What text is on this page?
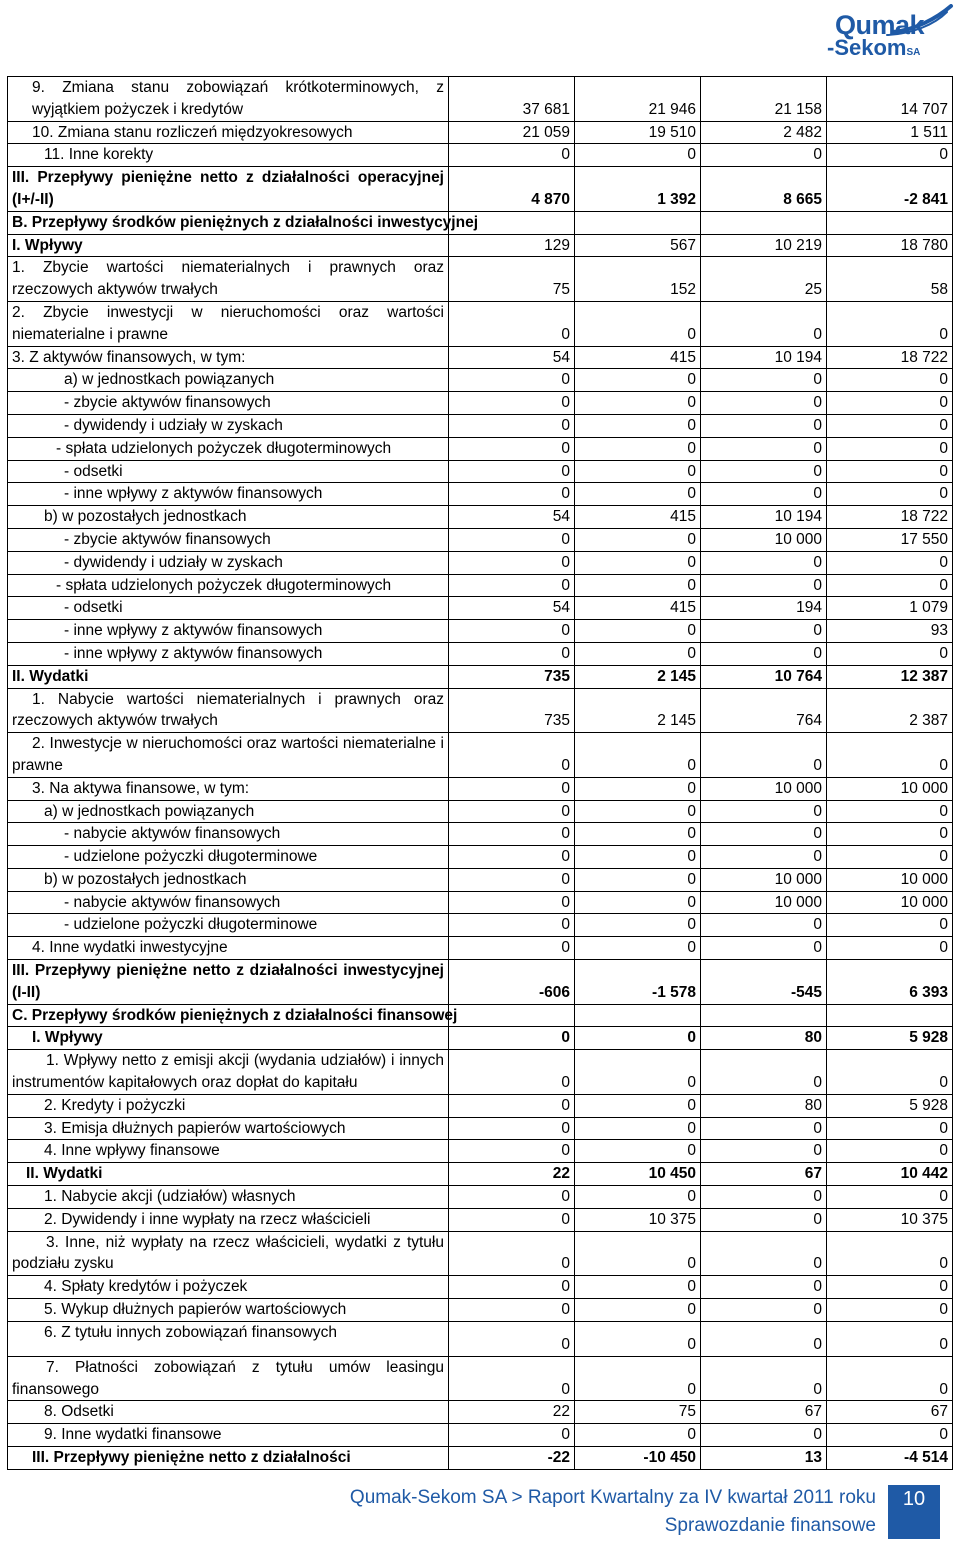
Qumak
-SekomSA
9. Zmiana stanu zobowiązań krótkoterminowych, z wyjątkiem pożyczek i kredytów	37 681	21 946	21 158	14 707
10. Zmiana stanu rozliczeń międzyokresowych	21 059	19 510	2 482	1 511
11. Inne korekty	0	0	0	0
III. Przepływy pieniężne netto z działalności operacyjnej (I+/-II)	4 870	1 392	8 665	-2 841
B. Przepływy środków pieniężnych z działalności inwestycyjnej				
I. Wpływy	129	567	10 219	18 780
1. Zbycie wartości niematerialnych i prawnych oraz rzeczowych aktywów trwałych	75	152	25	58
2. Zbycie inwestycji w nieruchomości oraz wartości niematerialne i prawne	0	0	0	0
3. Z aktywów finansowych, w tym:	54	415	10 194	18 722
a) w jednostkach powiązanych	0	0	0	0
- zbycie aktywów finansowych	0	0	0	0
- dywidendy i udziały w zyskach	0	0	0	0
- spłata udzielonych pożyczek długoterminowych	0	0	0	0
- odsetki	0	0	0	0
- inne wpływy z aktywów finansowych	0	0	0	0
b) w pozostałych jednostkach	54	415	10 194	18 722
- zbycie aktywów finansowych	0	0	10 000	17 550
- dywidendy i udziały w zyskach	0	0	0	0
- spłata udzielonych pożyczek długoterminowych	0	0	0	0
- odsetki	54	415	194	1 079
- inne wpływy z aktywów finansowych	0	0	0	93
- inne wpływy z aktywów finansowych	0	0	0	0
II. Wydatki	735	2 145	10 764	12 387
1. Nabycie wartości niematerialnych i prawnych oraz rzeczowych aktywów trwałych	735	2 145	764	2 387
2. Inwestycje w nieruchomości oraz wartości niematerialne i prawne	0	0	0	0
3. Na aktywa finansowe, w tym:	0	0	10 000	10 000
a) w jednostkach powiązanych	0	0	0	0
- nabycie aktywów finansowych	0	0	0	0
- udzielone pożyczki długoterminowe	0	0	0	0
b) w pozostałych jednostkach	0	0	10 000	10 000
- nabycie aktywów finansowych	0	0	10 000	10 000
- udzielone pożyczki długoterminowe	0	0	0	0
4. Inne wydatki inwestycyjne	0	0	0	0
III. Przepływy pieniężne netto z działalności inwestycyjnej (I-II)	-606	-1 578	-545	6 393
C. Przepływy środków pieniężnych z działalności finansowej				
I. Wpływy	0	0	80	5 928
1. Wpływy netto z emisji akcji (wydania udziałów) i innych instrumentów kapitałowych oraz dopłat do kapitału	0	0	0	0
2. Kredyty i pożyczki	0	0	80	5 928
3. Emisja dłużnych papierów wartościowych	0	0	0	0
4. Inne wpływy finansowe	0	0	0	0
II. Wydatki	22	10 450	67	10 442
1. Nabycie akcji (udziałów) własnych	0	0	0	0
2. Dywidendy i inne wypłaty na rzecz właścicieli	0	10 375	0	10 375
3. Inne, niż wypłaty na rzecz właścicieli, wydatki z tytułu podziału zysku	0	0	0	0
4. Spłaty kredytów i pożyczek	0	0	0	0
5. Wykup dłużnych papierów wartościowych	0	0	0	0
6. Z tytułu innych zobowiązań finansowych	0	0	0	0
7. Płatności zobowiązań z tytułu umów leasingu finansowego	0	0	0	0
8. Odsetki	22	75	67	67
9. Inne wydatki finansowe	0	0	0	0
III. Przepływy pieniężne netto z działalności	-22	-10 450	13	-4 514
Qumak-Sekom SA > Raport Kwartalny za IV kwartał 2011 roku
Sprawozdanie finansowe
10
